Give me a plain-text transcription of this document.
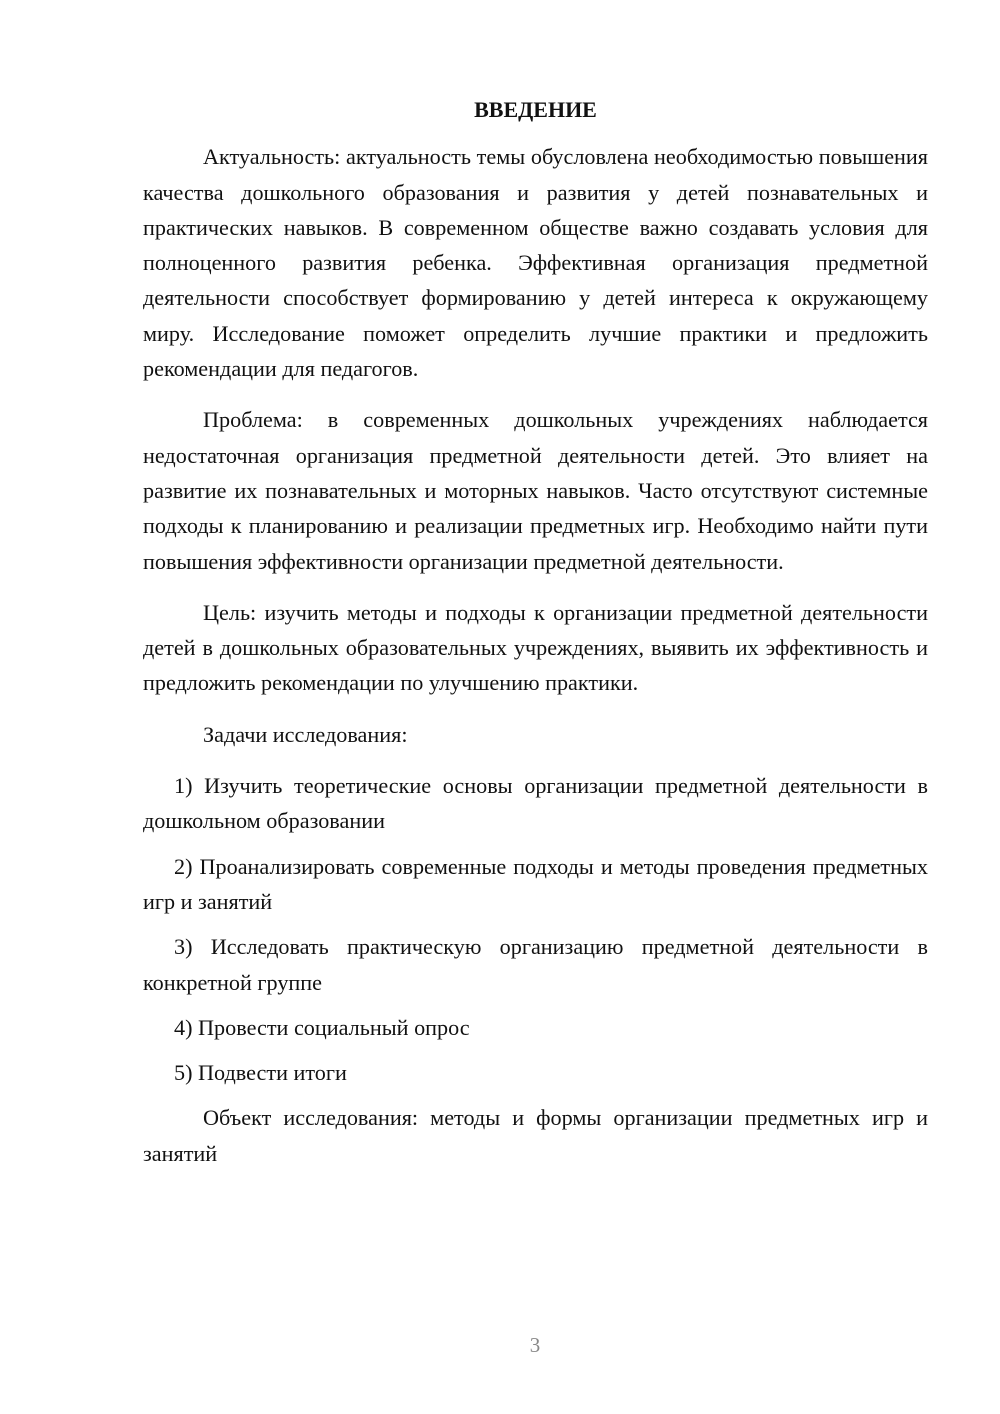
ВВЕДЕНИЕ

Актуальность: актуальность темы обусловлена необходимостью повышения качества дошкольного образования и развития у детей познавательных и практических навыков. В современном обществе важно создавать условия для полноценного развития ребенка. Эффективная организация предметной деятельности способствует формированию у детей интереса к окружающему миру. Исследование поможет определить лучшие практики и предложить рекомендации для педагогов.

Проблема: в современных дошкольных учреждениях наблюдается недостаточная организация предметной деятельности детей. Это влияет на развитие их познавательных и моторных навыков. Часто отсутствуют системные подходы к планированию и реализации предметных игр. Необходимо найти пути повышения эффективности организации предметной деятельности.

Цель: изучить методы и подходы к организации предметной деятельности детей в дошкольных образовательных учреждениях, выявить их эффективность и предложить рекомендации по улучшению практики.

Задачи исследования:

1) Изучить теоретические основы организации предметной деятельности в дошкольном образовании

2) Проанализировать современные подходы и методы проведения предметных игр и занятий

3) Исследовать практическую организацию предметной деятельности в конкретной группе

4) Провести социальный опрос

5) Подвести итоги

Объект исследования: методы и формы организации предметных игр и занятий

3
